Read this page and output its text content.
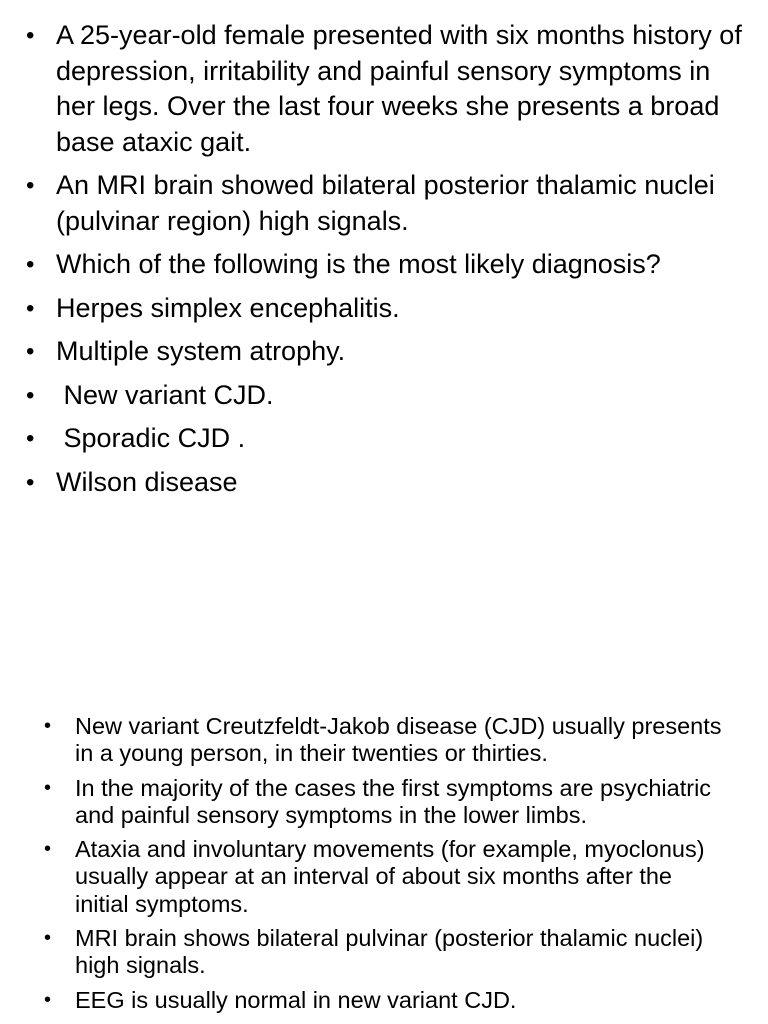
• A 25-year-old female presented with six months history of depression, irritability and painful sensory symptoms in her legs. Over the last four weeks she presents a broad base ataxic gait.
• An MRI brain showed bilateral posterior thalamic nuclei (pulvinar region) high signals.
• Which of the following is the most likely diagnosis?
• Herpes simplex encephalitis.
• Multiple system atrophy.
• New variant CJD.
• Sporadic CJD .
• Wilson disease
• New variant Creutzfeldt-Jakob disease (CJD) usually presents in a young person, in their twenties or thirties.
• In the majority of the cases the first symptoms are psychiatric and painful sensory symptoms in the lower limbs.
• Ataxia and involuntary movements (for example, myoclonus) usually appear at an interval of about six months after the initial symptoms.
• MRI brain shows bilateral pulvinar (posterior thalamic nuclei) high signals.
• EEG is usually normal in new variant CJD.
